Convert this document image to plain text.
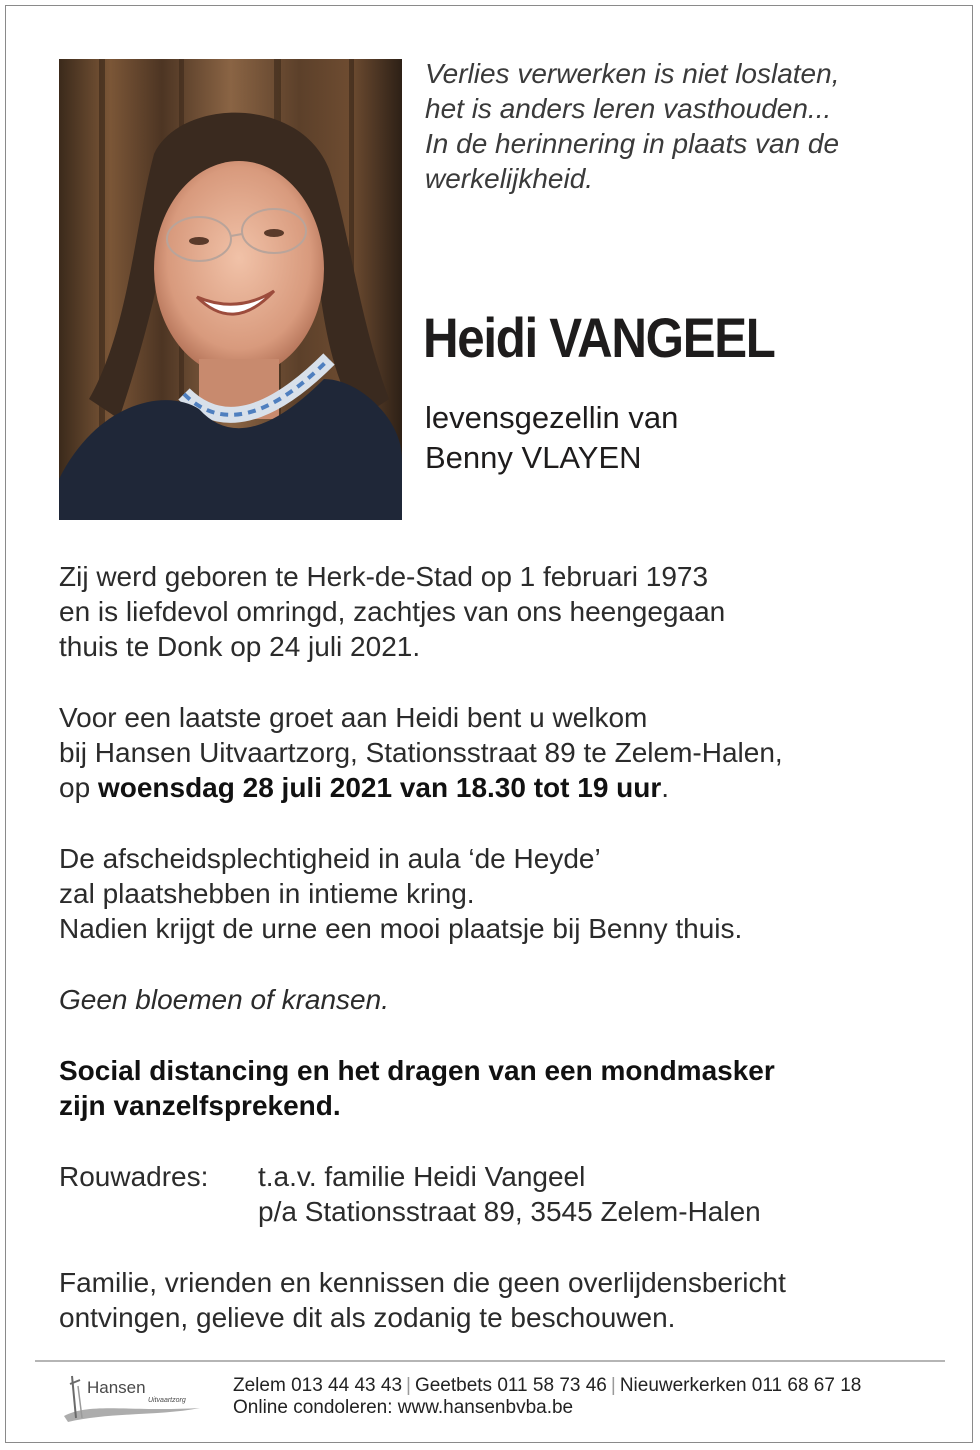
Verlies verwerken is niet loslaten,
het is anders leren vasthouden...
In de herinnering in plaats van de
werkelijkheid.
Heidi VANGEEL
levensgezellin van
Benny VLAYEN
Zij werd geboren te Herk-de-Stad op 1 februari 1973
en is liefdevol omringd, zachtjes van ons heengegaan
thuis te Donk op 24 juli 2021.
Voor een laatste groet aan Heidi bent u welkom
bij Hansen Uitvaartzorg, Stationsstraat 89 te Zelem-Halen,
op woensdag 28 juli 2021 van 18.30 tot 19 uur.
De afscheidsplechtigheid in aula ‘de Heyde’
zal plaatshebben in intieme kring.
Nadien krijgt de urne een mooi plaatsje bij Benny thuis.
Geen bloemen of kransen.
Social distancing en het dragen van een mondmasker
zijn vanzelfsprekend.
Rouwadres: t.a.v. familie Heidi Vangeel
p/a Stationsstraat 89, 3545 Zelem-Halen
Familie, vrienden en kennissen die geen overlijdensbericht
ontvingen, gelieve dit als zodanig te beschouwen.
Hansen
Uitvaartzorg
Zelem 013 44 43 43 | Geetbets 011 58 73 46 | Nieuwerkerken 011 68 67 18
Online condoleren: www.hansenbvba.be
